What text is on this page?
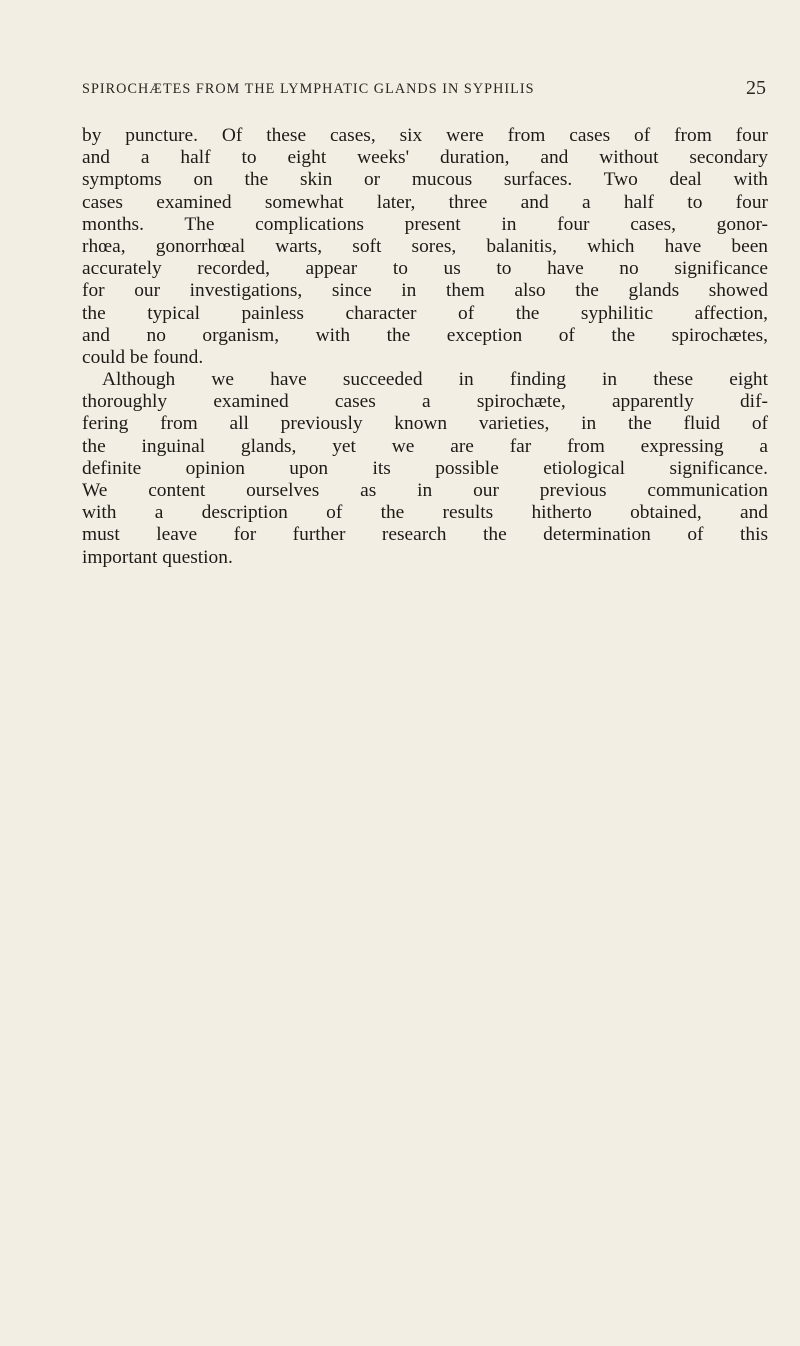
SPIROCHÆTES FROM THE LYMPHATIC GLANDS IN SYPHILIS	25
by puncture. Of these cases, six were from cases of from four
and a half to eight weeks' duration, and without secondary
symptoms on the skin or mucous surfaces. Two deal with
cases examined somewhat later, three and a half to four
months. The complications present in four cases, gonor-
rhœa, gonorrhœal warts, soft sores, balanitis, which have been
accurately recorded, appear to us to have no significance
for our investigations, since in them also the glands showed
the typical painless character of the syphilitic affection,
and no organism, with the exception of the spirochætes,
could be found.
Although we have succeeded in finding in these eight
thoroughly examined cases a spirochæte, apparently dif-
fering from all previously known varieties, in the fluid of
the inguinal glands, yet we are far from expressing a
definite opinion upon its possible etiological significance.
We content ourselves as in our previous communication
with a description of the results hitherto obtained, and
must leave for further research the determination of this
important question.
